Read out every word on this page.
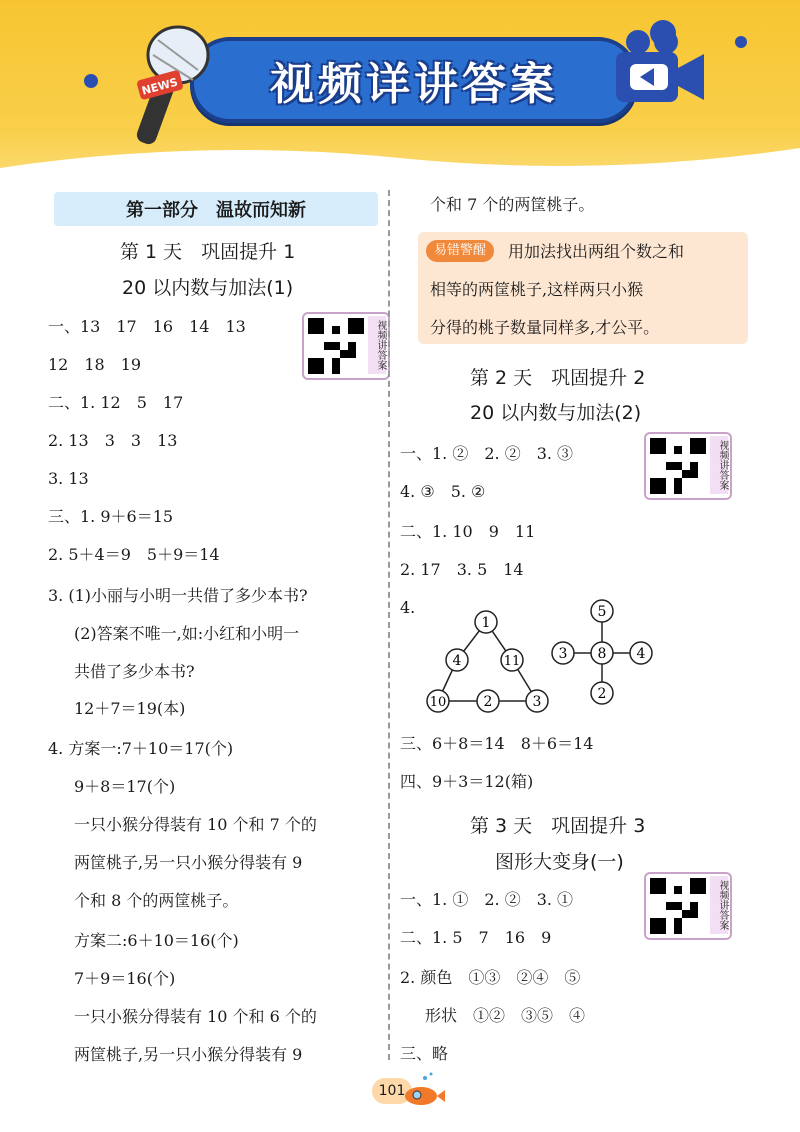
视频详讲答案
NEWS
第一部分　温故而知新
第 1 天　巩固提升 1
20 以内数与加法(1)
视频讲答案
一、13　17　16　14　13
12　18　19
二、1. 12　5　17
2. 13　3　3　13
3. 13
三、1. 9＋6＝15
2. 5＋4＝9　5＋9＝14
3. (1)小丽与小明一共借了多少本书?
(2)答案不唯一,如:小红和小明一
共借了多少本书?
12＋7＝19(本)
4. 方案一:7＋10＝17(个)
9＋8＝17(个)
一只小猴分得装有 10 个和 7 个的
两筐桃子,另一只小猴分得装有 9
个和 8 个的两筐桃子。
方案二:6＋10＝16(个)
7＋9＝16(个)
一只小猴分得装有 10 个和 6 个的
两筐桃子,另一只小猴分得装有 9
个和 7 个的两筐桃子。
易错警醒	用加法找出两组个数之和
相等的两筐桃子,这样两只小猴
分得的桃子数量同样多,才公平。
第 2 天　巩固提升 2
20 以内数与加法(2)
视频讲答案
一、1. ②　2. ②　3. ③
4. ③　5. ②
二、1. 10　9　11
2. 17　3. 5　14
4.
1
4	11
10	2	3
5
3 8 4
2
三、6＋8＝14　8＋6＝14
四、9＋3＝12(箱)
第 3 天　巩固提升 3
图形大变身(一)
视频讲答案
一、1. ①　2. ②　3. ①
二、1. 5　7　16　9
2. 颜色　①③　②④　⑤
形状　①②　③⑤　④
三、略
101
